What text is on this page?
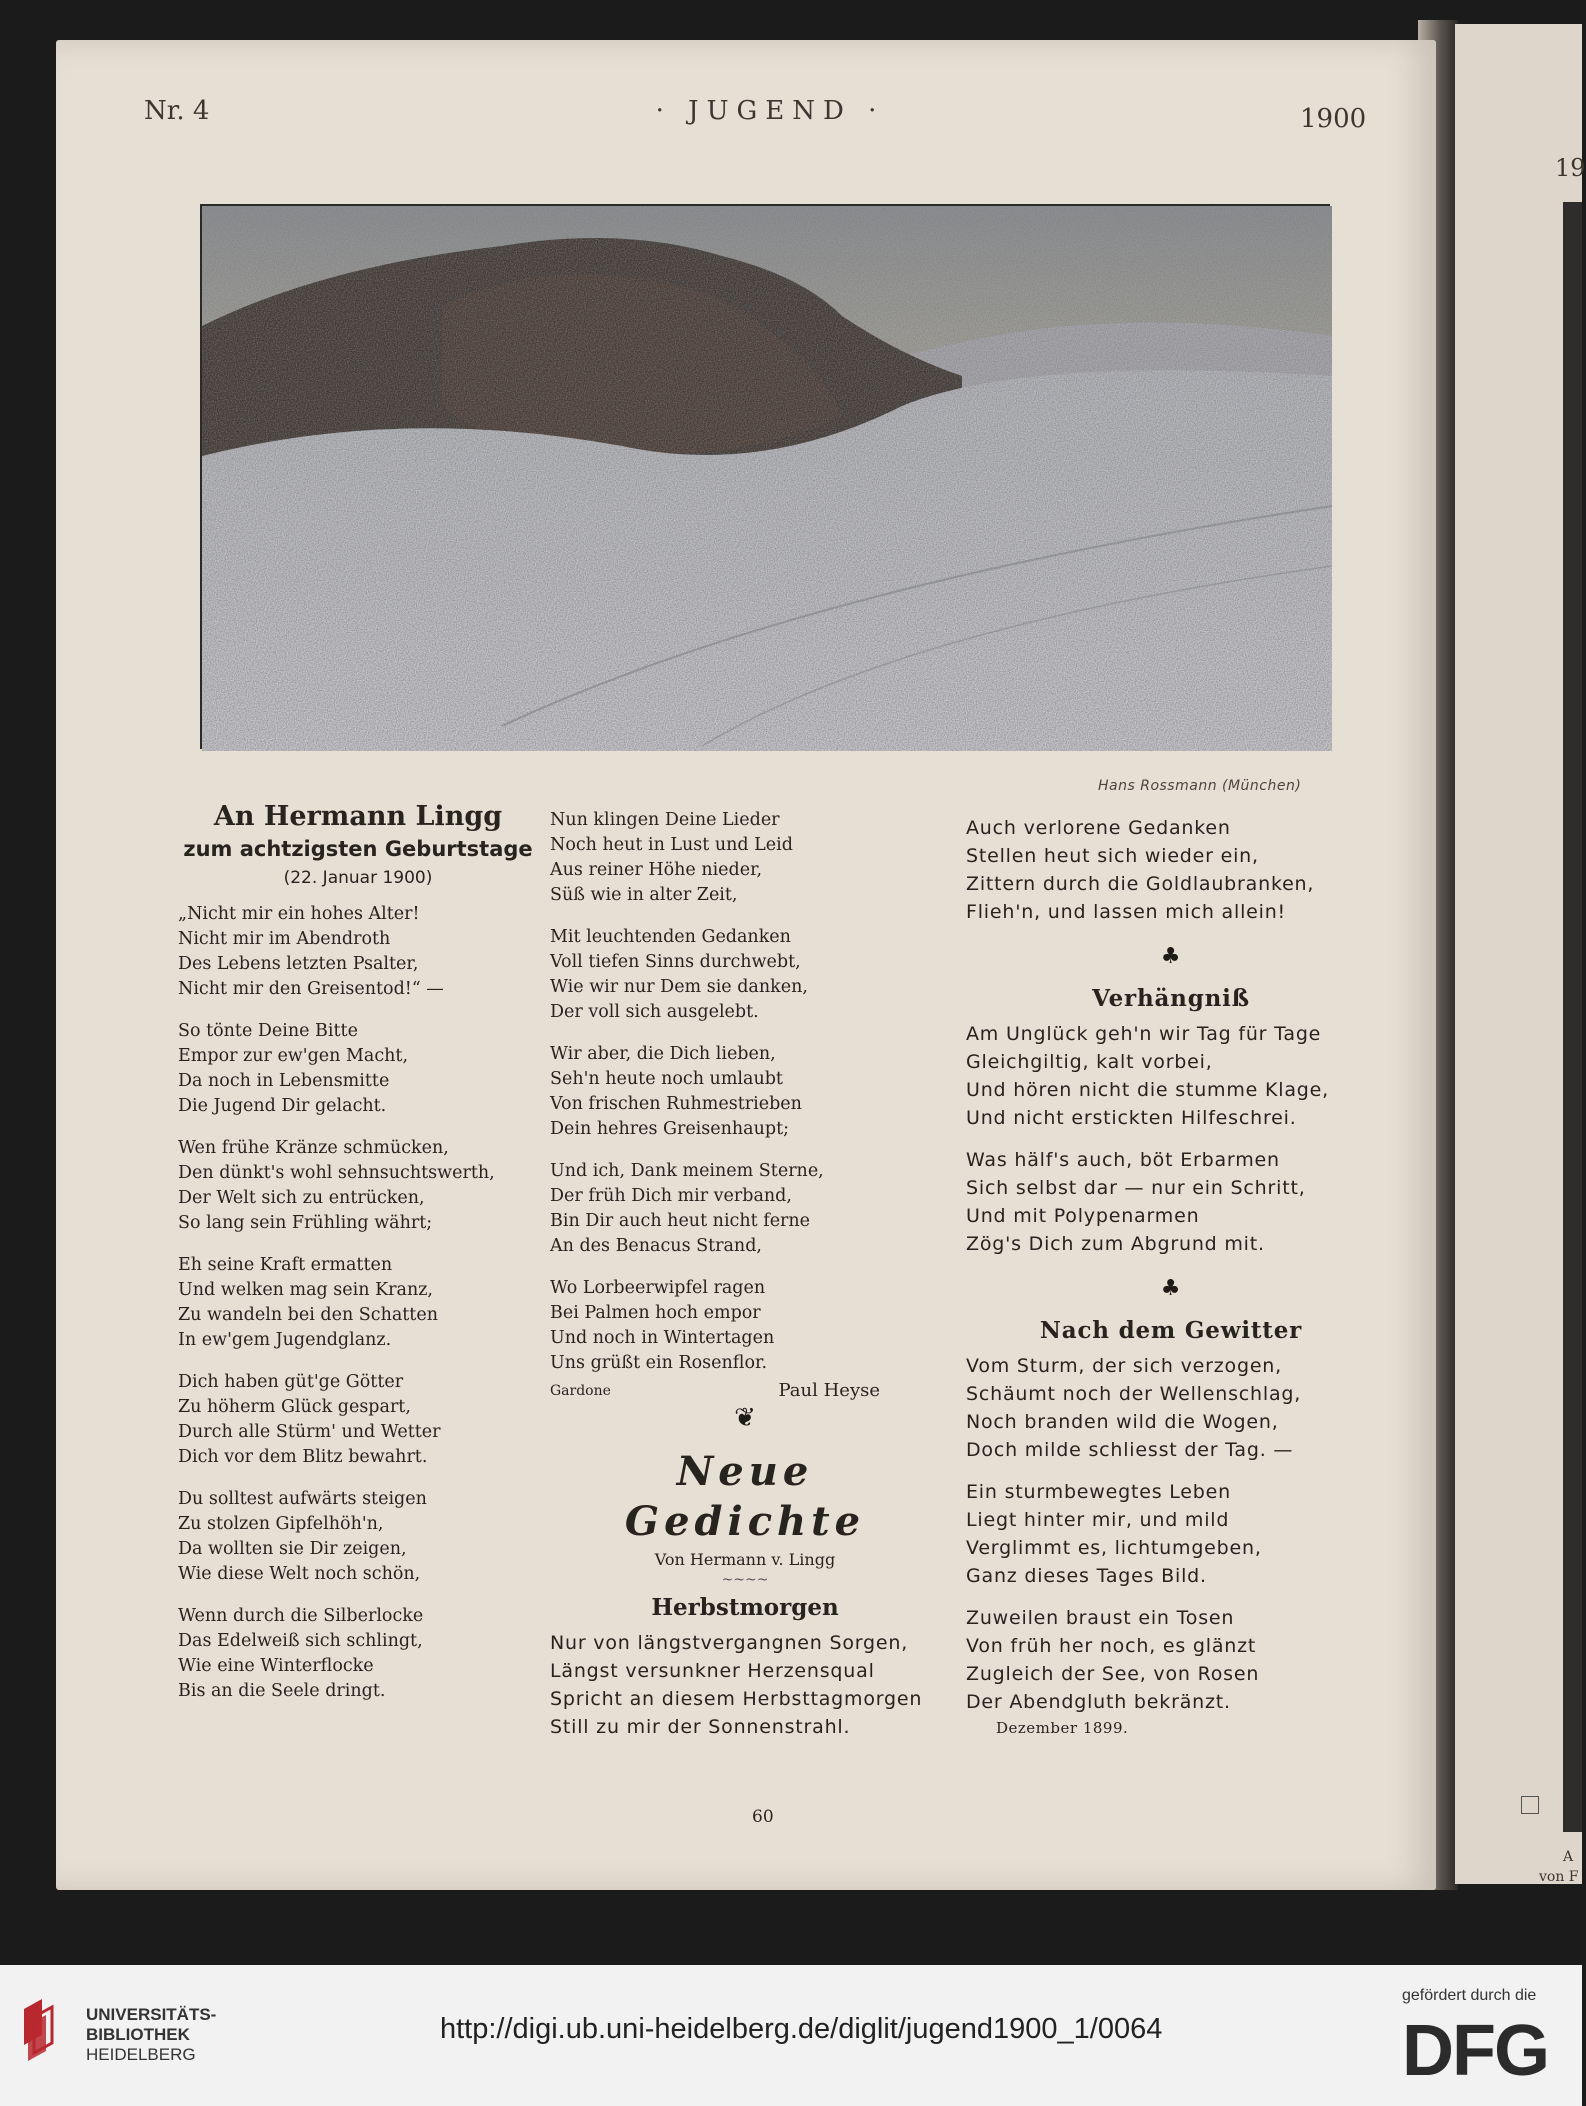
19
A
von F
Nr. 4	· JUGEND ·	1900
Hans Rossmann (München)
An Hermann Lingg
zum achtzigsten Geburtstage
(22. Januar 1900)
„Nicht mir ein hohes Alter!
Nicht mir im Abendroth
Des Lebens letzten Psalter,
Nicht mir den Greisentod!“ —
So tönte Deine Bitte
Empor zur ew'gen Macht,
Da noch in Lebensmitte
Die Jugend Dir gelacht.
Wen frühe Kränze schmücken,
Den dünkt's wohl sehnsuchtswerth,
Der Welt sich zu entrücken,
So lang sein Frühling währt;
Eh seine Kraft ermatten
Und welken mag sein Kranz,
Zu wandeln bei den Schatten
In ew'gem Jugendglanz.
Dich haben güt'ge Götter
Zu höherm Glück gespart,
Durch alle Stürm' und Wetter
Dich vor dem Blitz bewahrt.
Du solltest aufwärts steigen
Zu stolzen Gipfelhöh'n,
Da wollten sie Dir zeigen,
Wie diese Welt noch schön,
Wenn durch die Silberlocke
Das Edelweiß sich schlingt,
Wie eine Winterflocke
Bis an die Seele dringt.
Nun klingen Deine Lieder
Noch heut in Lust und Leid
Aus reiner Höhe nieder,
Süß wie in alter Zeit,
Mit leuchtenden Gedanken
Voll tiefen Sinns durchwebt,
Wie wir nur Dem sie danken,
Der voll sich ausgelebt.
Wir aber, die Dich lieben,
Seh'n heute noch umlaubt
Von frischen Ruhmestrieben
Dein hehres Greisenhaupt;
Und ich, Dank meinem Sterne,
Der früh Dich mir verband,
Bin Dir auch heut nicht ferne
An des Benacus Strand,
Wo Lorbeerwipfel ragen
Bei Palmen hoch empor
Und noch in Wintertagen
Uns grüßt ein Rosenflor.
Gardone	Paul Heyse
❦
Neue Gedichte
Von Hermann v. Lingg
~~~~
Herbstmorgen
Nur von längstvergangnen Sorgen,
Längst versunkner Herzensqual
Spricht an diesem Herbsttagmorgen
Still zu mir der Sonnenstrahl.
Auch verlorene Gedanken
Stellen heut sich wieder ein,
Zittern durch die Goldlaubranken,
Flieh'n, und lassen mich allein!
♣
Verhängniß
Am Unglück geh'n wir Tag für Tage
Gleichgiltig, kalt vorbei,
Und hören nicht die stumme Klage,
Und nicht erstickten Hilfeschrei.
Was hälf's auch, böt Erbarmen
Sich selbst dar — nur ein Schritt,
Und mit Polypenarmen
Zög's Dich zum Abgrund mit.
♣
Nach dem Gewitter
Vom Sturm, der sich verzogen,
Schäumt noch der Wellenschlag,
Noch branden wild die Wogen,
Doch milde schliesst der Tag. —
Ein sturmbewegtes Leben
Liegt hinter mir, und mild
Verglimmt es, lichtumgeben,
Ganz dieses Tages Bild.
Zuweilen braust ein Tosen
Von früh her noch, es glänzt
Zugleich der See, von Rosen
Der Abendgluth bekränzt.
Dezember 1899.
60
UNIVERSITÄTS-
BIBLIOTHEK
HEIDELBERG
http://digi.ub.uni-heidelberg.de/diglit/jugend1900_1/0064
gefördert durch die
DFG
